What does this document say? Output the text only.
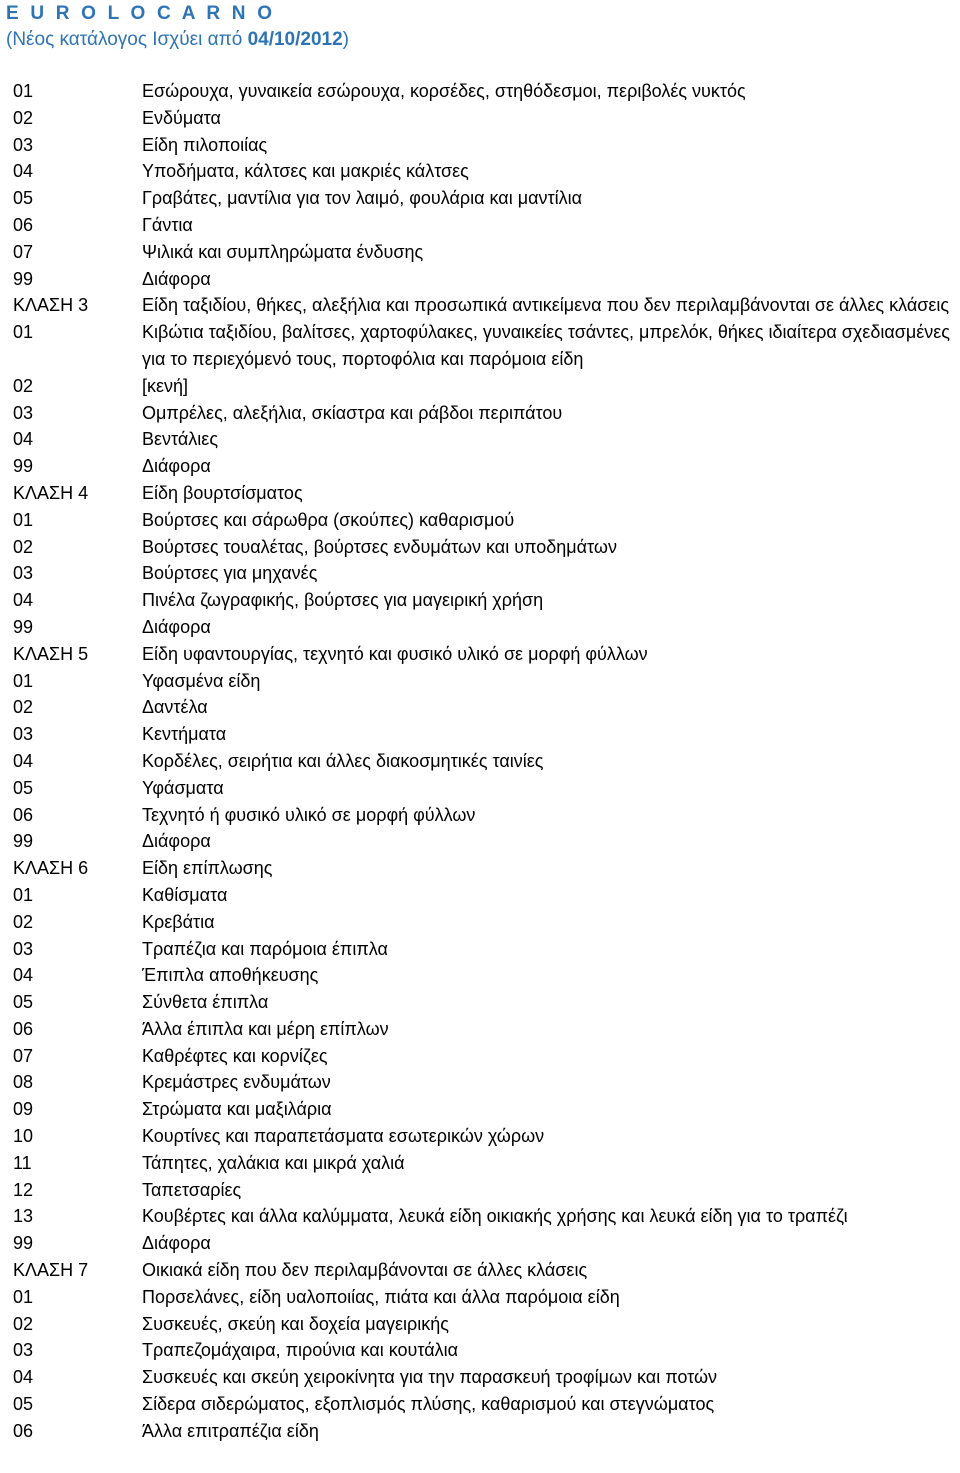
E U R O L O C A R N O
(Νέος κατάλογος Ισχύει από 04/10/2012)
01	Εσώρουχα, γυναικεία εσώρουχα, κορσέδες, στηθόδεσμοι, περιβολές νυκτός
02	Ενδύματα
03	Είδη πιλοποιίας
04	Υποδήματα, κάλτσες και μακριές κάλτσες
05	Γραβάτες, μαντίλια για τον λαιμό, φουλάρια και μαντίλια
06	Γάντια
07	Ψιλικά και συμπληρώματα ένδυσης
99	Διάφορα
ΚΛΑΣΗ 3	Είδη ταξιδίου, θήκες, αλεξήλια και προσωπικά αντικείμενα που δεν περιλαμβάνονται σε άλλες κλάσεις
01	Κιβώτια ταξιδίου, βαλίτσες, χαρτοφύλακες, γυναικείες τσάντες, μπρελόκ, θήκες ιδιαίτερα σχεδιασμένες για το περιεχόμενό τους, πορτοφόλια και παρόμοια είδη
02	[κενή]
03	Ομπρέλες, αλεξήλια, σκίαστρα και ράβδοι περιπάτου
04	Βεντάλιες
99	Διάφορα
ΚΛΑΣΗ 4	Είδη βουρτσίσματος
01	Βούρτσες και σάρωθρα (σκούπες) καθαρισμού
02	Βούρτσες τουαλέτας, βούρτσες ενδυμάτων και υποδημάτων
03	Βούρτσες για μηχανές
04	Πινέλα ζωγραφικής, βούρτσες για μαγειρική χρήση
99	Διάφορα
ΚΛΑΣΗ 5	Είδη υφαντουργίας, τεχνητό και φυσικό υλικό σε μορφή φύλλων
01	Υφασμένα είδη
02	Δαντέλα
03	Κεντήματα
04	Κορδέλες, σειρήτια και άλλες διακοσμητικές ταινίες
05	Υφάσματα
06	Τεχνητό ή φυσικό υλικό σε μορφή φύλλων
99	Διάφορα
ΚΛΑΣΗ 6	Είδη επίπλωσης
01	Καθίσματα
02	Κρεβάτια
03	Τραπέζια και παρόμοια έπιπλα
04	Έπιπλα αποθήκευσης
05	Σύνθετα έπιπλα
06	Άλλα έπιπλα και μέρη επίπλων
07	Καθρέφτες και κορνίζες
08	Κρεμάστρες ενδυμάτων
09	Στρώματα και μαξιλάρια
10	Κουρτίνες και παραπετάσματα εσωτερικών χώρων
11	Τάπητες, χαλάκια και μικρά χαλιά
12	Ταπετσαρίες
13	Κουβέρτες και άλλα καλύμματα, λευκά είδη οικιακής χρήσης και λευκά είδη για το τραπέζι
99	Διάφορα
ΚΛΑΣΗ 7	Οικιακά είδη που δεν περιλαμβάνονται σε άλλες κλάσεις
01	Πορσελάνες, είδη υαλοποιίας, πιάτα και άλλα παρόμοια είδη
02	Συσκευές, σκεύη και δοχεία μαγειρικής
03	Τραπεζομάχαιρα, πιρούνια και κουτάλια
04	Συσκευές και σκεύη χειροκίνητα για την παρασκευή τροφίμων και ποτών
05	Σίδερα σιδερώματος, εξοπλισμός πλύσης, καθαρισμού και στεγνώματος
06	Άλλα επιτραπέζια είδη
